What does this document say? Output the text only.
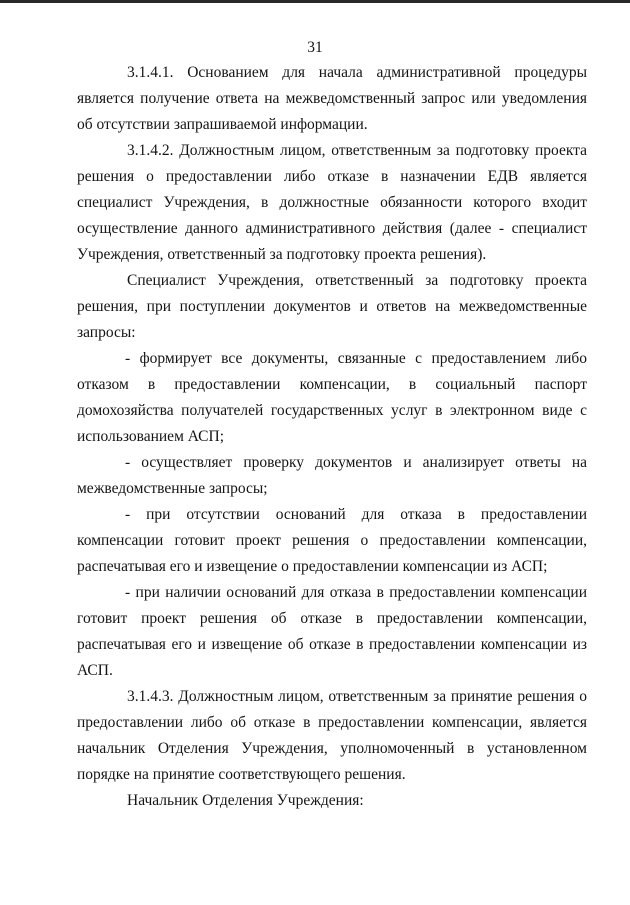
31

3.1.4.1. Основанием для начала административной процедуры является получение ответа на межведомственный запрос или уведомления об отсутствии запрашиваемой информации.

3.1.4.2. Должностным лицом, ответственным за подготовку проекта решения о предоставлении либо отказе в назначении ЕДВ является специалист Учреждения, в должностные обязанности которого входит осуществление данного административного действия (далее - специалист Учреждения, ответственный за подготовку проекта решения).

Специалист Учреждения, ответственный за подготовку проекта решения, при поступлении документов и ответов на межведомственные запросы:

- формирует все документы, связанные с предоставлением либо отказом в предоставлении компенсации, в социальный паспорт домохозяйства получателей государственных услуг в электронном виде с использованием АСП;

- осуществляет проверку документов и анализирует ответы на межведомственные запросы;

- при отсутствии оснований для отказа в предоставлении компенсации готовит проект решения о предоставлении компенсации, распечатывая его и извещение о предоставлении компенсации из АСП;

- при наличии оснований для отказа в предоставлении компенсации готовит проект решения об отказе в предоставлении компенсации, распечатывая его и извещение об отказе в предоставлении компенсации из АСП.

3.1.4.3. Должностным лицом, ответственным за принятие решения о предоставлении либо об отказе в предоставлении компенсации, является начальник Отделения Учреждения, уполномоченный в установленном порядке на принятие соответствующего решения.

Начальник Отделения Учреждения:
